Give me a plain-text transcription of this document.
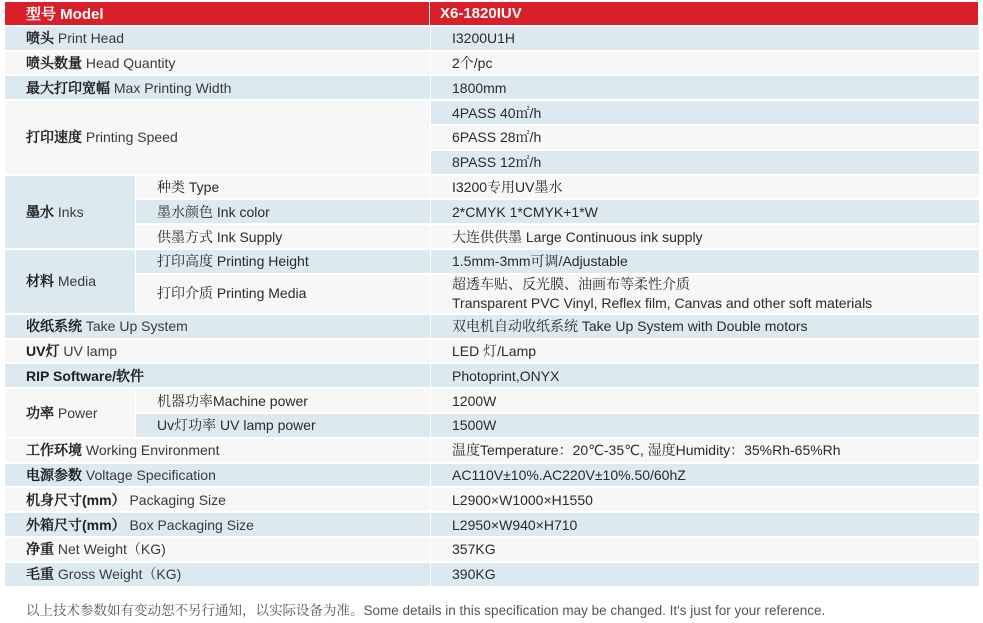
型号 Model		X6-1820IUV
喷头 Print Head		I3200U1H
喷头数量 Head Quantity		2个/pc
最大打印宽幅 Max Printing Width		1800mm
打印速度 Printing Speed		4PASS 40㎡/h
		6PASS 28㎡/h
		8PASS 12㎡/h
墨水 Inks	种类 Type	I3200专用UV墨水
	墨水颜色 Ink color	2*CMYK 1*CMYK+1*W
	供墨方式 Ink Supply	大连供供墨 Large Continuous ink supply
材料 Media	打印高度 Printing Height	1.5mm-3mm可调/Adjustable
	打印介质 Printing Media	超透车贴、反光膜、油画布等柔性介质
Transparent PVC Vinyl, Reflex film, Canvas and other soft materials

收纸系统 Take Up System		双电机自动收纸系统 Take Up System with Double motors
UV灯 UV lamp		LED 灯/Lamp
RIP Software/软件		Photoprint,ONYX
功率 Power	机器功率Machine power	1200W
	Uv灯功率 UV lamp power	1500W
工作环境 Working Environment		温度Temperature：20℃-35℃, 湿度Humidity：35%Rh-65%Rh
电源参数 Voltage Specification		AC110V±10%.AC220V±10%.50/60hZ
机身尺寸(mm） Packaging Size		L2900×W1000×H1550
外箱尺寸(mm） Box Packaging Size		L2950×W940×H710
净重 Net Weight（KG)		357KG
毛重 Gross Weight（KG)		390KG
以上技术参数如有变动恕不另行通知，以实际设备为准。Some details in this specification may be changed. It's just for your reference.
